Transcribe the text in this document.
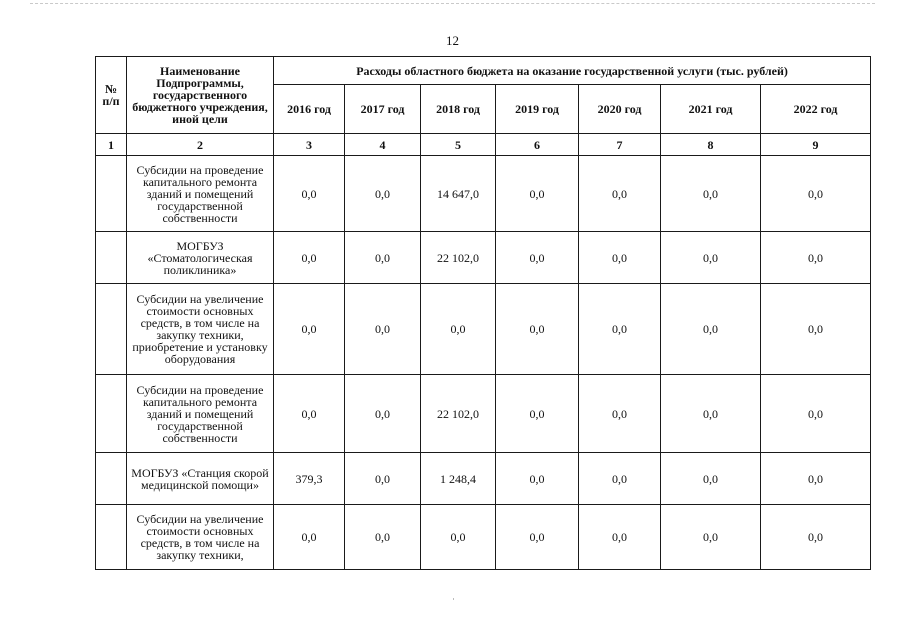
12
№ п/п	Наименование Подпрограммы, государственного бюджетного учреждения, иной цели	Расходы областного бюджета на оказание государственной услуги (тыс. рублей)						
		2016 год	2017 год	2018 год	2019 год	2020 год	2021 год	2022 год
1	2	3	4	5	6	7	8	9
	Субсидии на проведение капитального ремонта зданий и помещений государственной собственности	0,0	0,0	14 647,0	0,0	0,0	0,0	0,0
	МОГБУЗ «Стоматологическая поликлиника»	0,0	0,0	22 102,0	0,0	0,0	0,0	0,0
	Субсидии на увеличение стоимости основных средств, в том числе на закупку техники, приобретение и установку оборудования	0,0	0,0	0,0	0,0	0,0	0,0	0,0
	Субсидии на проведение капитального ремонта зданий и помещений государственной собственности	0,0	0,0	22 102,0	0,0	0,0	0,0	0,0
	МОГБУЗ «Станция скорой медицинской помощи»	379,3	0,0	1 248,4	0,0	0,0	0,0	0,0
	Субсидии на увеличение стоимости основных средств, в том числе на закупку техники,	0,0	0,0	0,0	0,0	0,0	0,0	0,0
